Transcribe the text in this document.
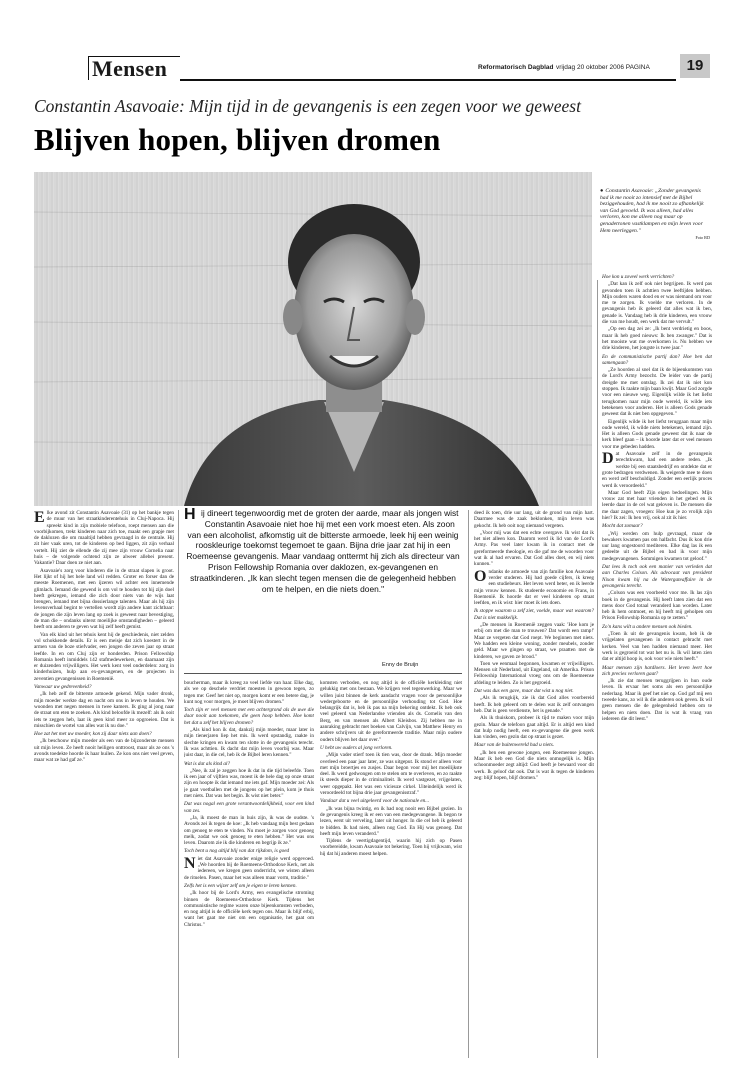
Mensen	Reformatorisch Dagblad vrijdag 20 oktober 2006 PAGINA	19
Constantin Asavoaie: Mijn tijd in de gevangenis is een zegen voor we geweest
Blijven hopen, blijven dromen
● Constantin Asavoaie: „Zonder gevangenis had ik me nooit zo intensief met de Bijbel beziggehouden, had ik me nooit zo afhankelijk van God gevoeld. Ik was alleen, had alles verloren, kon me alleen nog maar op genadetronen vastklampen en mijn leven voor Hem neerleggen."
Foto RD
Hij dineert tegenwoordig met de groten der aarde, maar als jongen wist Constantin Asavoaie niet hoe hij met een vork moest eten. Als zoon van een alcoholist, afkomstig uit de bitterste armoede, leek hij een weinig rooskleurige toekomst tegemoet te gaan. Bijna drie jaar zat hij in een Roemeense gevangenis. Maar vandaag onttermt hij zich als directeur van Prison Fellowship Romania over daklozen, ex-gevangenen en straatkinderen. „Ik kan slecht tegen mensen die de gelegenheid hebben om te helpen, en die niets doen."
Enny de Bruijn

Elke avond zit Constantin Asavoaie (31) op het bankje tegen de muur van het straatkinderentehuis in Cluj-Napoca. Hij spreekt kind in zijn mobiele telefoon, roept mensen aan die voorbijkomen, trekt kinderen naar zich toe, maakt een grapje met de daklozen die om maaltijd hebben gevraagd in de centrale. Hij zit hier vaak uren, tot de kinderen op bed liggen, zit zijn verhaal vertelt. Hij ziet de ellende die zij mee zijn vrouw Cornelia naar huis – de volgende ochtend zijn ze alweer allebei present. Vakantie? Daar doen ze niet aan.

Asavoaie's zorg voor kinderen die in de straat slapen is groot. Het lijkt of hij het hele land wil redden. Groter en forser dan de meeste Roemenen, met een ijzeren wil achter een innemende glimlach. Iemand die gewend is om vol te houden tot hij zijn doel heeft gekregen, iemand die zich door niets van de wijs laat brengen, iemand met bijna dossierlange talenten. Maar als hij zijn levensverhaal begint te vertellen wordt zijn andere kant zichtbaar: de jongen die zijn leven lang op zoek is geweest naar bevestiging, de man die – ondanks uiterst moeilijke omstandigheden – geleerd heeft om anderen te geven wat hij zelf heeft gemist.

Van elk kind uit het tehuis kent hij de geschiedenis, niet zelden vol schokkende details. Er is een meisje dat zich koestert in de armen van de boze stiefvader, een jongen die zeven jaar op straat leefde. In en om Cluj zijn er honderden. Prison Fellowship Romania heeft inmiddels 142 stafmedewerkers, en daarnaast zijn er duizenden vrijwilligers. Het werk kent veel onderdelen: zorg in kinderhuizen, hulp aan ex-gevangenen, en de projecten in zeventien gevangenissen in Roemenië.

Vanwaar uw gedrevenheid?

„Ik heb zelf de bitterste armoede gekend. Mijn vader dronk, mijn moeder werkte dag en nacht om ons in leven te houden. We woonden met negen mensen in twee kamers. Ik ging al jong naar de straat om eten te zoeken. Als kind beloofde ik mezelf: als ik ooit iets te zeggen heb, laat ik geen kind meer zo opgroeien. Dat is misschien de wortel van alles wat ik nu doe."

Hoe zat het met uw moeder, kon zij daar niets aan doen?

„Ik beschouw mijn moeder als een van de bijzonderste mensen uit mijn leven. Ze heeft nooit heiligen onttroost, maar als ze ons 's avonds toedekte hoorde ik haar huilen. Ze kon ons niet veel geven, maar wat ze had gaf ze."

boucherman, maar ik kreeg zo veel liefde van haar. Elke dag, als we op deschele verdriet moesten in gewoon tegen, zo tegen me: Geef het niet op, morgen komt er een betere dag, je kunt nog voor morgen, je moet blijven dromen."

Toch zijn er veel mensen met een achtergrond als de uwe die daar nooit aan toekomen, die geen hoop hebben. Hoe komt het dat u zelf het blijven dromen?

„Als kind kon ik dat, dankzij mijn moeder, maar later in mijn tienerjaren liep het mis. Ik werd opstandig, raakte in slechte kringen en kwam ten slotte in de gevangenis terecht. Ik was achttien. Ik dacht dat mijn leven voorbij was. Maar juist daar, in die cel, heb ik de Bijbel leren kennen."

Wat is dat als kind al?

„Nee, ik zal je zeggen hoe ik dat in die tijd beleefde. Toen ik een jaar of vijftien was, moest ik de hele dag op onze straat zijn en hoopte ik dat iemand me iets gaf. Mijn moeder zei: Als je gaat voetballen met de jongens op het plein, kom je thuis met niets. Dat was het begin. Ik wist niet beter."

Dat was nogal een grote verantwoordelijkheid, voor een kind van zes.

„Ja, ik moest de man in huis zijn, ik was de oudste. 's Avonds zei ik tegen de koe: „Ik heb vandaag mijn best gedaan om genoeg te eten te vinden. Nu moet je zorgen voor genoeg melk, zodat we ook genoeg te eten hebben." Het was ons leven. Daarom zie ik die kinderen en begrijp ik ze."

Toch bent u nog altijd blij van dat rijkdom, is goed

Niet dat Asavoaie zonder enige religie werd opgevoed. „We hoorden bij de Roemeens-Orthodoxe Kerk, net als iedereen, we kregen geen onderricht, we wisten alleen de rituelen. Pasen, maar het was alleen maar vorm, traditie."

Zelfs het is een wijzer zelf om je eigen te leren kennen.

„Ik hoor bij de Lord's Army, een evangelische stroming binnen de Roemeens-Orthodoxe Kerk. Tijdens het communistische regime waren onze bijeenkomsten verboden, en nog altijd is de officiële kerk tegen ons. Maar ik blijf erbij, want het gaat me niet om een organisatie, het gaat om Christus."

komsten verboden, en nog altijd is de officiële kerkleiding niet gelukkig met ons bestaan. We krijgen veel tegenwerking. Maar we willen juist binnen de kerk aandacht vragen voor de persoonlijke wedergeboorte en de persoonlijke verhouding tot God. Hoe belangrijk dat is, heb ik pas na mijn bekering ontdekt. Ik heb ook veel geleerd van Nederlandse vrienden als ds. Cornelis van den Berg, en van mensen als Albert Kleisbos. Zij hebben me in aanraking gebracht met boeken van Calvijn, van Matthew Henry en andere schrijvers uit de gereformeerde traditie. Maar mijn oudere ouders blijven het daar over."

U hebt uw ouders al jong verloren.

„Mijn vader stierf toen ik tien was, door de drank. Mijn moeder overleed een paar jaar later, ze was uitgeput. Ik stond er alleen voor met mijn broertjes en zusjes. Daar begon voor mij het moeilijkste deel. Ik werd gedwongen om te stelen om te overleven, en zo raakte ik steeds dieper in de criminaliteit. Ik werd vastgezet, vrijgelaten, weer opgepakt. Het was een vicieuze cirkel. Uiteindelijk werd ik veroordeeld tot bijna drie jaar gevangenisstraf."

Vandaar dat u veel uitgeleerd voor de nationale en...

„Ik was bijna twintig, en ik had nog nooit een Bijbel gezien. In de gevangenis kreeg ik er een van een medegevangene. Ik begon te lezen, eerst uit verveling, later uit honger. In die cel heb ik geleerd te bidden. Ik had niets, alleen nog God. En Hij was genoeg. Dat heeft mijn leven veranderd."

Tijdens de veertigdagentijd, waarin hij zich op Pasen voorbereidde, kwam Asavoaie tot bekering. Toen hij vrijkwam, wist hij dat hij anderen moest helpen.

deed ik toen, drie uur lang, uit de grond van mijn hart. Daarmee was de zaak beklonken, mijn leven was gekocht. Ik heb ooit nog niemand vergeten.

„Voor mij was dat een echte overgave. Ik wist dat ik het niet alleen kon. Daarom werd ik lid van de Lord's Army. Pas veel later kwam ik in contact met de gereformeerde theologie, en die gaf me de woorden voor wat ik al had ervaren. Dat God alles doet, en wij niets kunnen."

Ondanks de armoede van zijn familie kon Asavoaie verder studeren. Hij had goede cijfers, ik kreeg een studiebeurs. Het leven werd beter, en ik leerde mijn vrouw kennen. Ik studeerde economie en Frans, in Roemenië. Ik hoorde dat er veel kinderen op straat leefden, en ik wist: hier moet ik iets doen.

Ik stoppe waarom u zelf ziet, voelde, maar wat waarom? Dat is niet makkelijk.

„De mensen in Roemenië zeggen vaak: 'Hoe kom je erbij om met die man te trouwen? Dat wordt een ramp!' Maar ze vergeten dat God roept. We beginnen met niets. We hadden een kleine woning, zonder meubels, zonder geld. Maar we gingen op straat, we praatten met de kinderen, we gaven ze brood."

Toen we eenmaal begonnen, kwamen er vrijwilligers. Mensen uit Nederland, uit Engeland, uit Amerika. Prison Fellowship International vroeg ons om de Roemeense afdeling te leiden. Zo is het gegroeid.

Dat was dus een gave, maar dat wist u nog niet.

„Als ik terugkijk, zie ik dat God alles voorbereid heeft. Ik heb geleerd om te delen wat ik zelf ontvangen heb. Dat is geen verdienste, het is genade."

Als ik thuiskom, probeer ik tijd te maken voor mijn gezin. Maar de telefoon gaat altijd. Er is altijd een kind dat hulp nodig heeft, een ex-gevangene die geen werk kan vinden, een gezin dat op straat is gezet.

Maar van de buitenwereld had u niets.

„Ik ben een gewone jongen, een Roemeense jongen. Maar ik heb een God die niets onmogelijk is. Mijn schoonmoeder zegt altijd: God heeft je bewaard voor dit werk. Ik geloof dat ook. Dat is wat ik tegen de kinderen zeg: blijf hopen, blijf dromen."

Hoe kon u zoveel werk verrichten?

„Dat kan ik zelf ook niet begrijpen. Ik werd pas gevonden toen ik achttien twee leeftijden hebben. Mijn ouders waren dood en er was niemand om voor me te zorgen. Ik voelde me verloren. In de gevangenis heb ik geleerd dat alles wat ik ben, genade is. Vandaag heb ik drie kinderen, een vrouw die van me houdt, een werk dat me vervult."

„Op een dag zei ze: „Ik bent verdrietig en boos, maar ik heb goed nieuws: Ik ben zwanger." Dat is het mooiste wat me overkomen is. Nu hebben we drie kinderen, het jongste is twee jaar."

En de communistische partij dan? Hoe ben dat samengaan?

„Ze hoorden al snel dat ik de bijeenkomsten van de Lord's Army bezocht. De leider van de partij dreigde me met ontslag. Ik zei dat ik niet kon stoppen. Ik raakte mijn baan kwijt. Maar God zorgde voor een nieuwe weg. Eigenlijk wilde ik het liefst terugkomen naar mijn oude wereld, ik wilde iets betekenen voor anderen. Het is alleen Gods genade geweest dat ik niet ben opgegeven."

Eigenlijk wilde ik het liefst teruggaan maar mijn oude wereld, ik wilde niets betekenen, iemand zijn. Het is alleen Gods genade geweest dat ik naar de kerk bleef gaan – ik hoorde later dat er veel mensen voor me gebeden hadden.

Dat Asavoaie zelf in de gevangenis terechtkwam, had een andere reden. „Ik werkte bij een staatsbedrijf en ontdekte dat er grote bedragen verdwenen. Ik weigerde mee te doen en werd zelf beschuldigd. Zonder een eerlijk proces werd ik veroordeeld."

Maar God heeft Zijn eigen bedoelingen. Mijn vrouw zat met haar vrienden in het gebed en ik leerde daar in de cel wat geloven is. De mensen die me daar zagen, vroegen: Hoe kun je zo vrolijk zijn hier? Ik zei: Ik ben vrij, ook al zit ik hier.

Mocht dat zomaar?

„Wij werden om hulp gevraagd, maar de bewakers kwamen pas om halfacht. Dus ik kon drie uur lang ongestoord mediteren. Elke dag las ik een gedeelte uit de Bijbel en bad ik voor mijn medegevangenen. Sommigen kwamen tot geloof."

Dat lees ik toch ook een manier van verleden dat aan Charles Colson. Als advocaat van president Nixon kwam hij na de Watergateaffaire in de gevangenis terecht.

„Colson was een voorbeeld voor me. Ik las zijn boek in de gevangenis. Hij heeft laten zien dat een mens door God totaal veranderd kan worden. Later heb ik hem ontmoet, en hij heeft mij geholpen om Prison Fellowship Romania op te zetten."

Zo'n kans wilt u andere mensen ook bieden.

„Toen ik uit de gevangenis kwam, heb ik de vrijgelaten gevangenen in contact gebracht met kerken. Veel van hen hadden niemand meer. Het werk is gegroeid tot wat het nu is. Ik wil laten zien dat er altijd hoop is, ook voor wie niets heeft."

Maar mensen zijn hardloers. Het leven leert hoe zich precies verloren gaat?

„Ik zie dat mensen teruggrijpen in hun oude leven. Ik ervaar het soms als een persoonlijke nederlaag. Maar ik geef het niet op. God gaf mij een tweede kans, zo wil ik die anderen ook geven. Ik wil geen mensen die de gelegenheid hebben om te helpen en niets doen. Dat is wat ik vraag van iedereen die dit leest."
